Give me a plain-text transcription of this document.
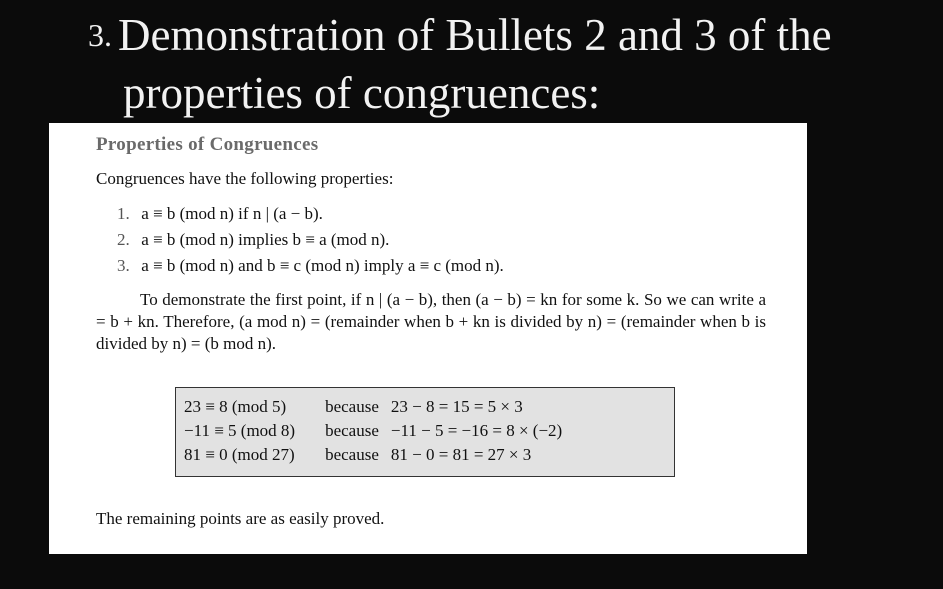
3. Demonstration of Bullets 2 and 3 of the
properties of congruences:
Properties of Congruences
Congruences have the following properties:
1. a ≡ b (mod n) if n | (a − b).
2. a ≡ b (mod n) implies b ≡ a (mod n).
3. a ≡ b (mod n) and b ≡ c (mod n) imply a ≡ c (mod n).

To demonstrate the first point, if n | (a − b), then (a − b) = kn for some k. So we can write a = b + kn. Therefore, (a mod n) = (remainder when b + kn is divided by n) = (remainder when b is divided by n) = (b mod n).

23 ≡ 8 (mod 5)	because	23 − 8 = 15 = 5 × 3
−11 ≡ 5 (mod 8)	because	−11 − 5 = −16 = 8 × (−2)
81 ≡ 0 (mod 27)	because	81 − 0 = 81 = 27 × 3
The remaining points are as easily proved.
